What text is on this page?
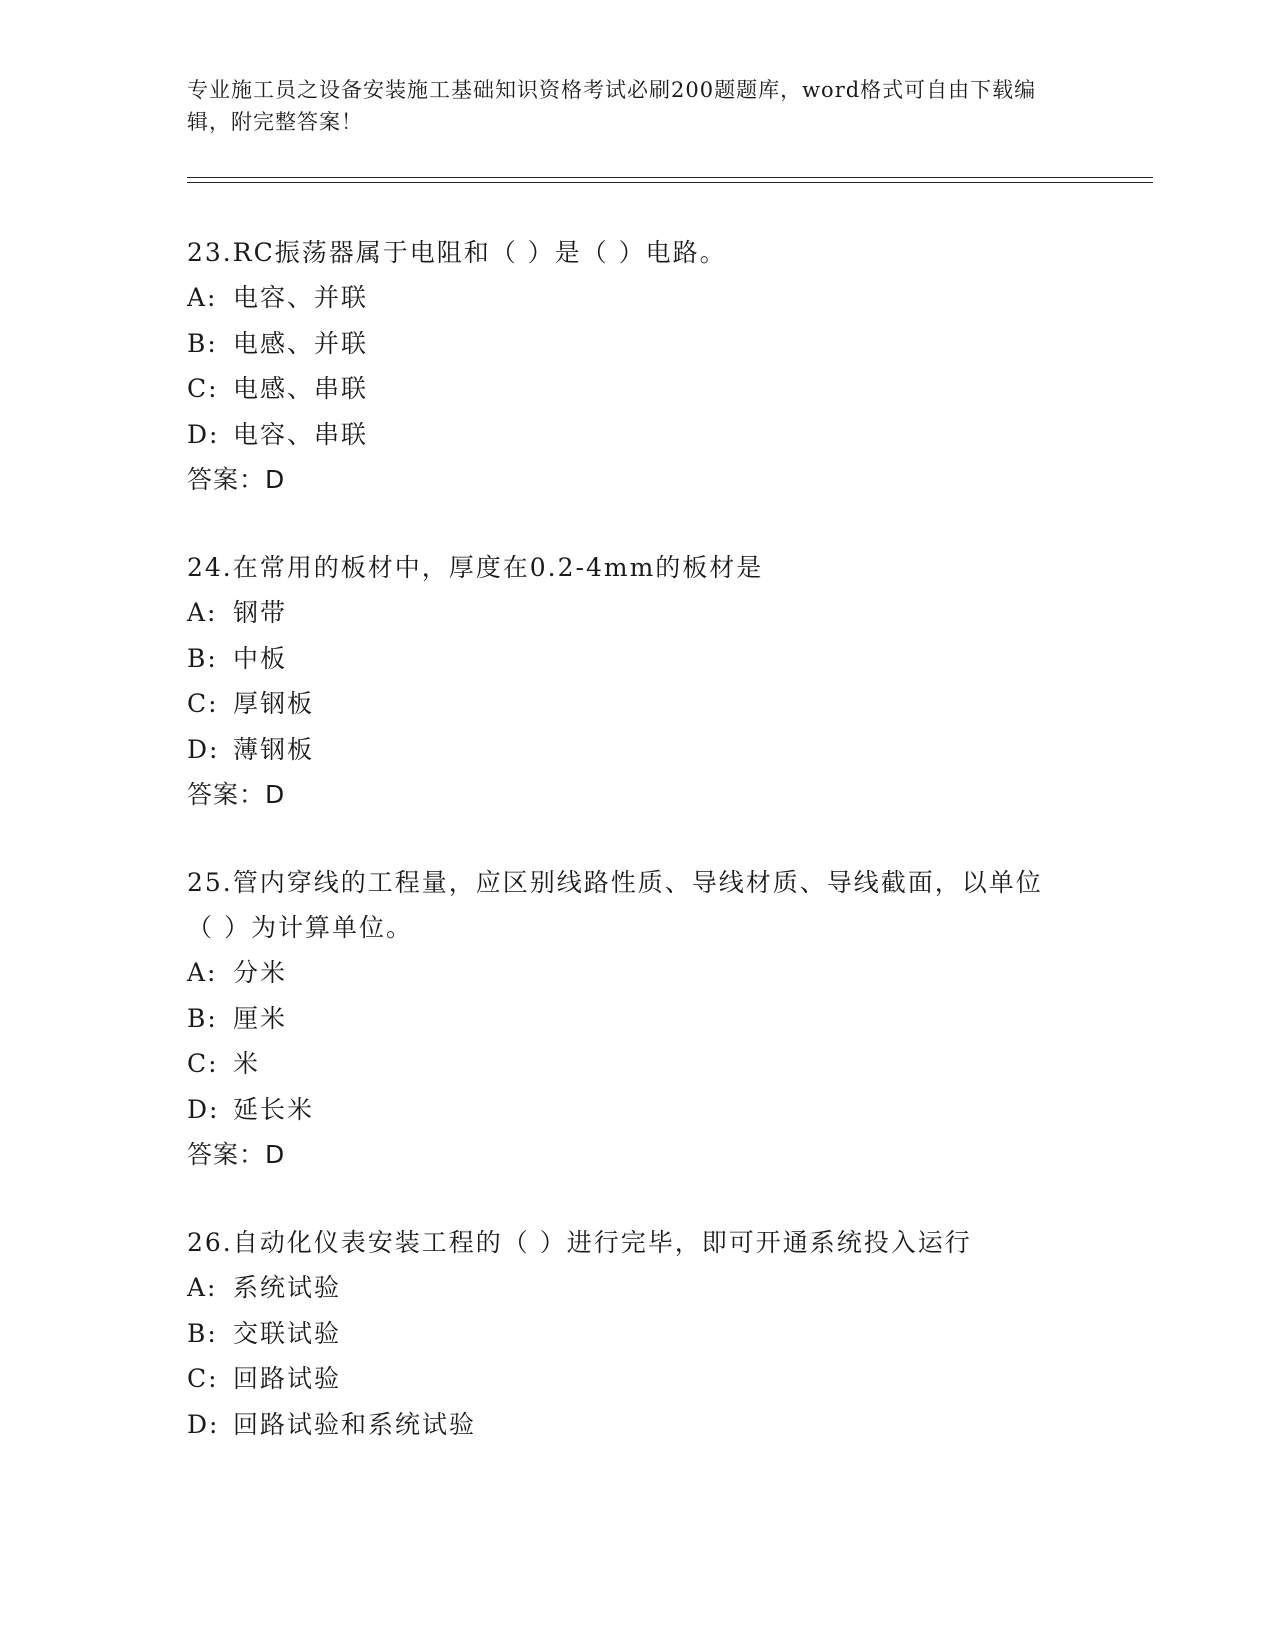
专业施工员之设备安装施工基础知识资格考试必刷200题题库，word格式可自由下载编辑，附完整答案！

23.RC振荡器属于电阻和（ ）是（ ）电路。

A: 电容、并联

B: 电感、并联

C: 电感、串联

D: 电容、串联

答案：D

24.在常用的板材中，厚度在0.2-4mm的板材是

A: 钢带

B: 中板

C: 厚钢板

D: 薄钢板

答案：D

25.管内穿线的工程量，应区别线路性质、导线材质、导线截面，以单位（ ）为计算单位。

A: 分米

B: 厘米

C: 米

D: 延长米

答案：D

26.自动化仪表安装工程的（ ）进行完毕，即可开通系统投入运行

A: 系统试验

B: 交联试验

C: 回路试验

D: 回路试验和系统试验
